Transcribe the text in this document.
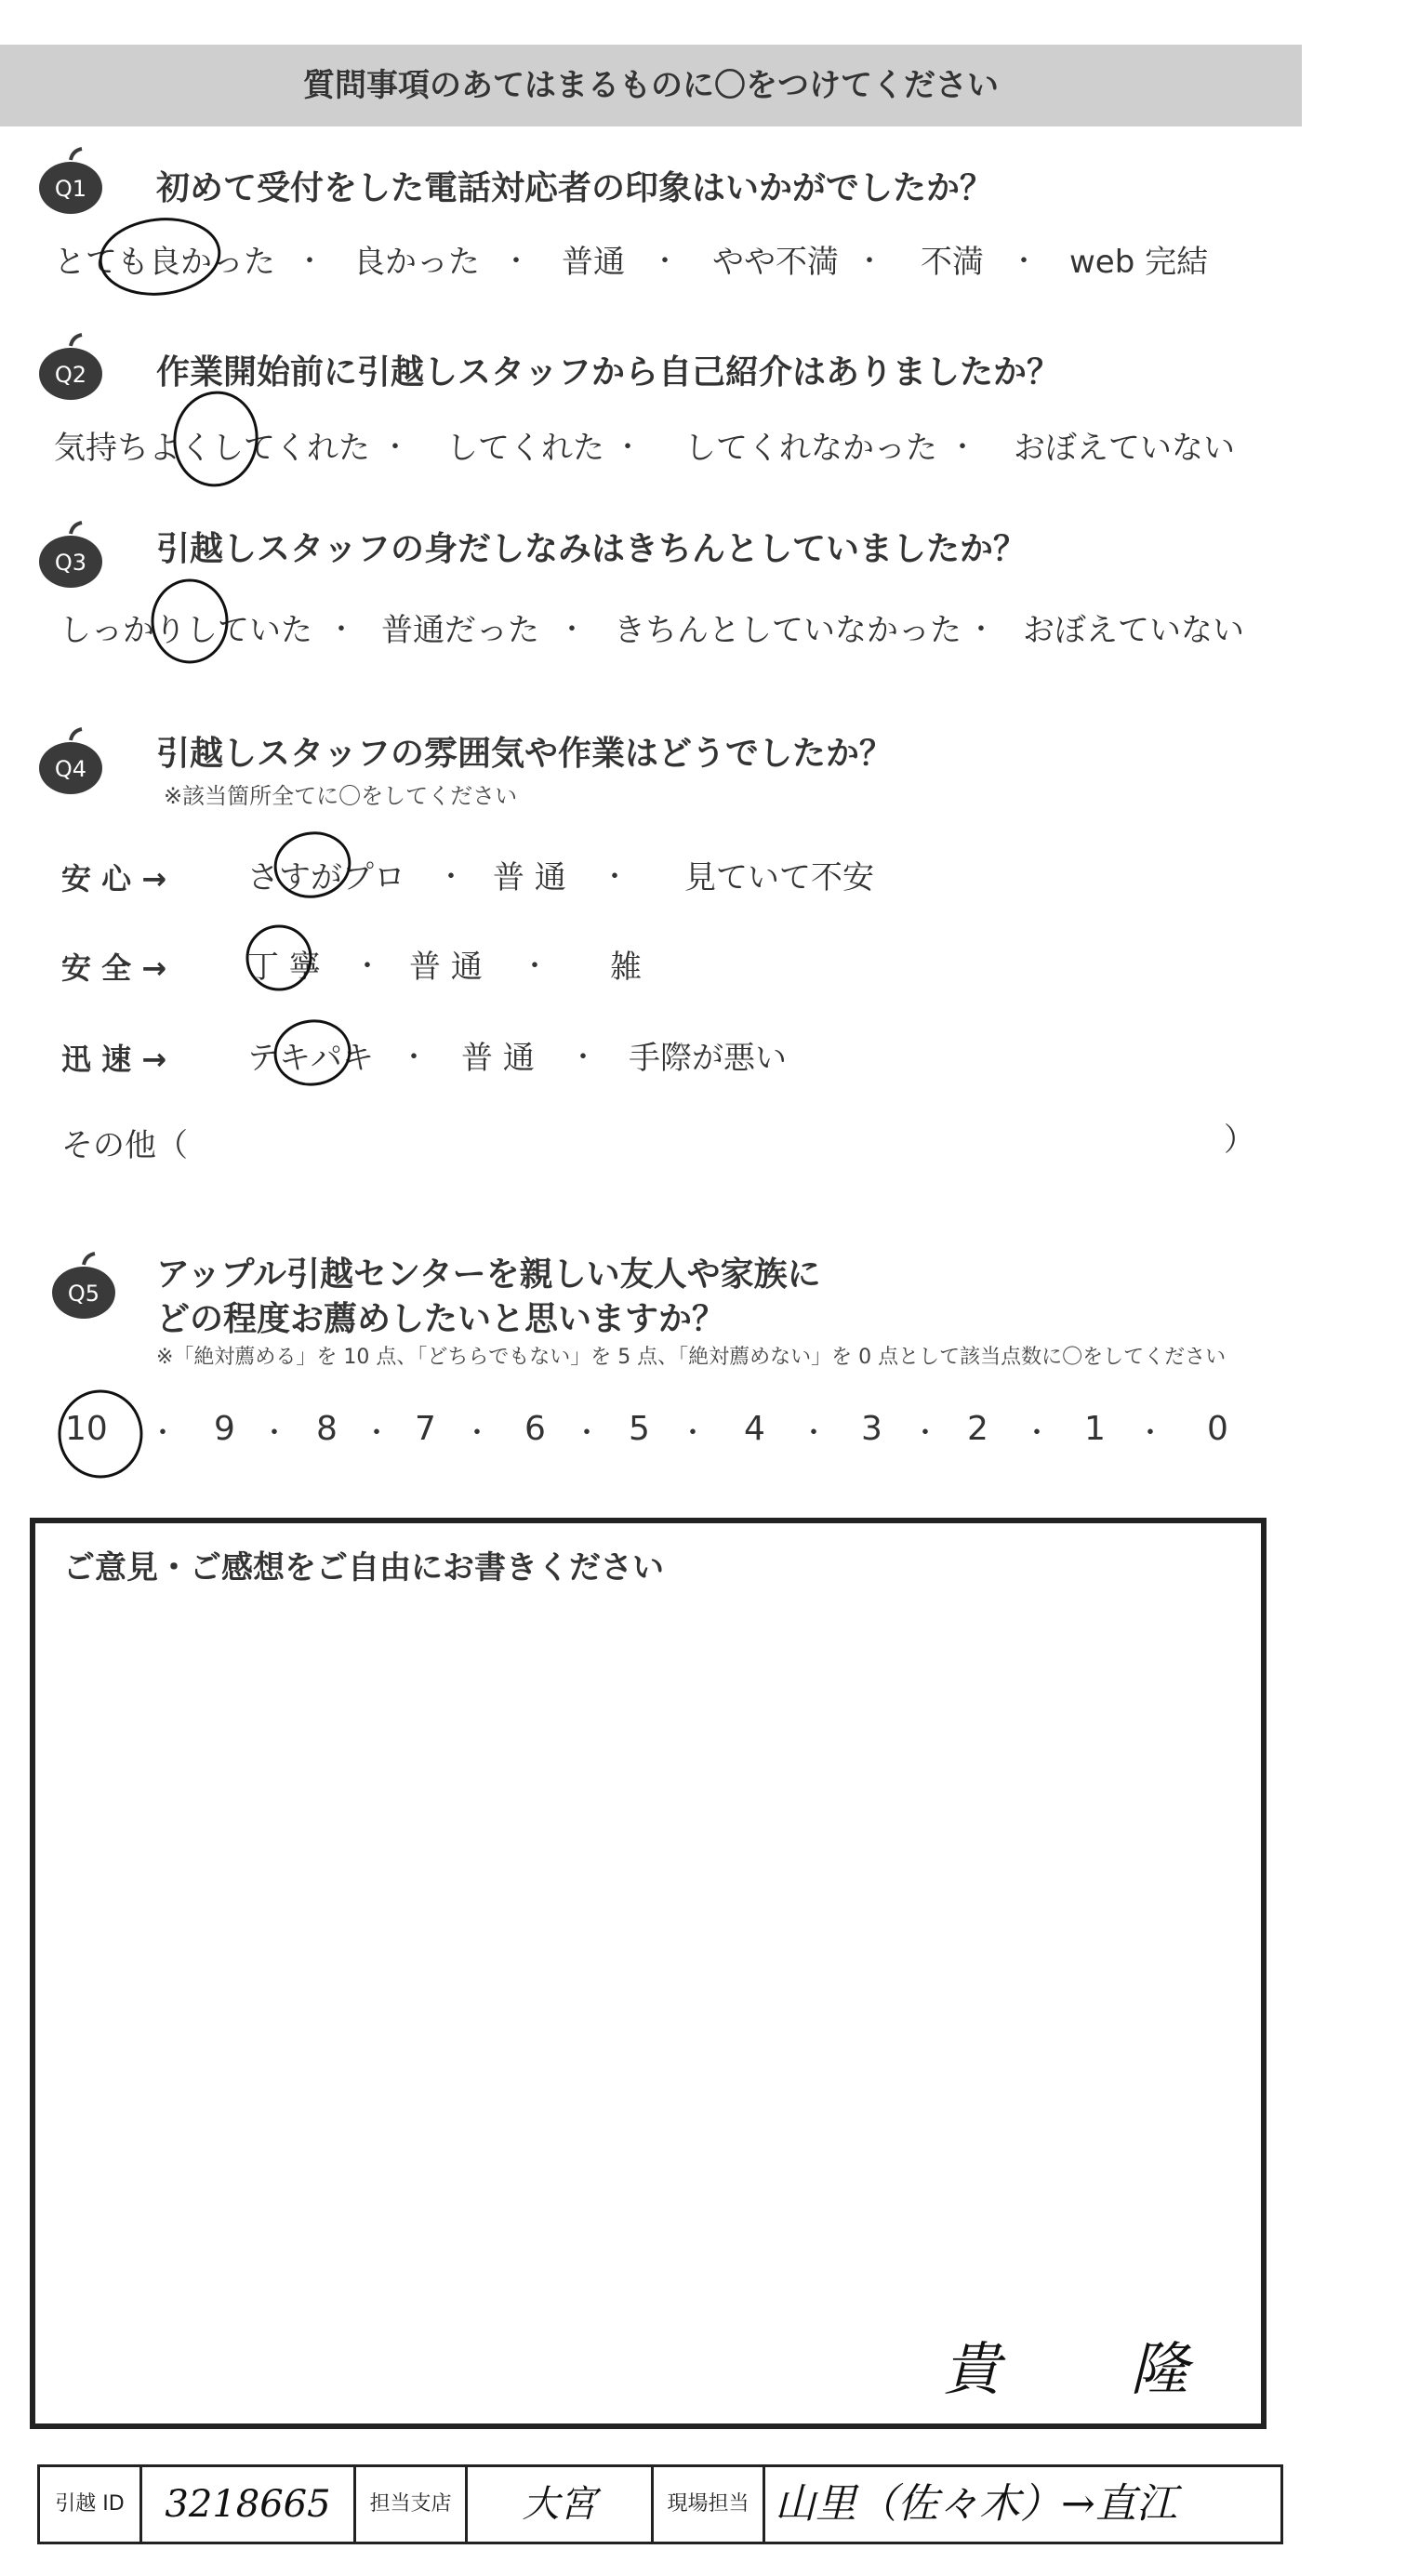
質問事項のあてはまるものに〇をつけてください
Q1 初めて受付をした電話対応者の印象はいかがでしたか？
とても良かった ・ 良かった ・ 普通 ・ やや不満 ・ 不満 ・ web 完結
Q2 作業開始前に引越しスタッフから自己紹介はありましたか？
気持ちよくしてくれた ・ してくれた ・ してくれなかった ・ おぼえていない
Q3 引越しスタッフの身だしなみはきちんとしていましたか？
しっかりしていた ・ 普通だった ・ きちんとしていなかった ・ おぼえていない
Q4 引越しスタッフの雰囲気や作業はどうでしたか？
※該当箇所全てに〇をしてください
安 心 →	さすがプロ ・ 普 通 ・ 見ていて不安
安 全 →	丁 寧 ・ 普 通 ・ 雑
迅 速 →	テキパキ ・ 普 通 ・ 手際が悪い
その他（	）
Q5 アップル引越センターを親しい友人や家族に
どの程度お薦めしたいと思いますか？
※「絶対薦める」を 10 点、「どちらでもない」を 5 点、「絶対薦めない」を 0 点として該当点数に〇をしてください
10 ・ 9 ・ 8 ・ 7 ・ 6 ・ 5 ・ 4 ・ 3 ・ 2 ・ 1 ・ 0
ご意見・ご感想をご自由にお書きください
貴 隆
引越 ID	3218665	担当支店	大宮	現場担当 山里（佐々木）→直江
